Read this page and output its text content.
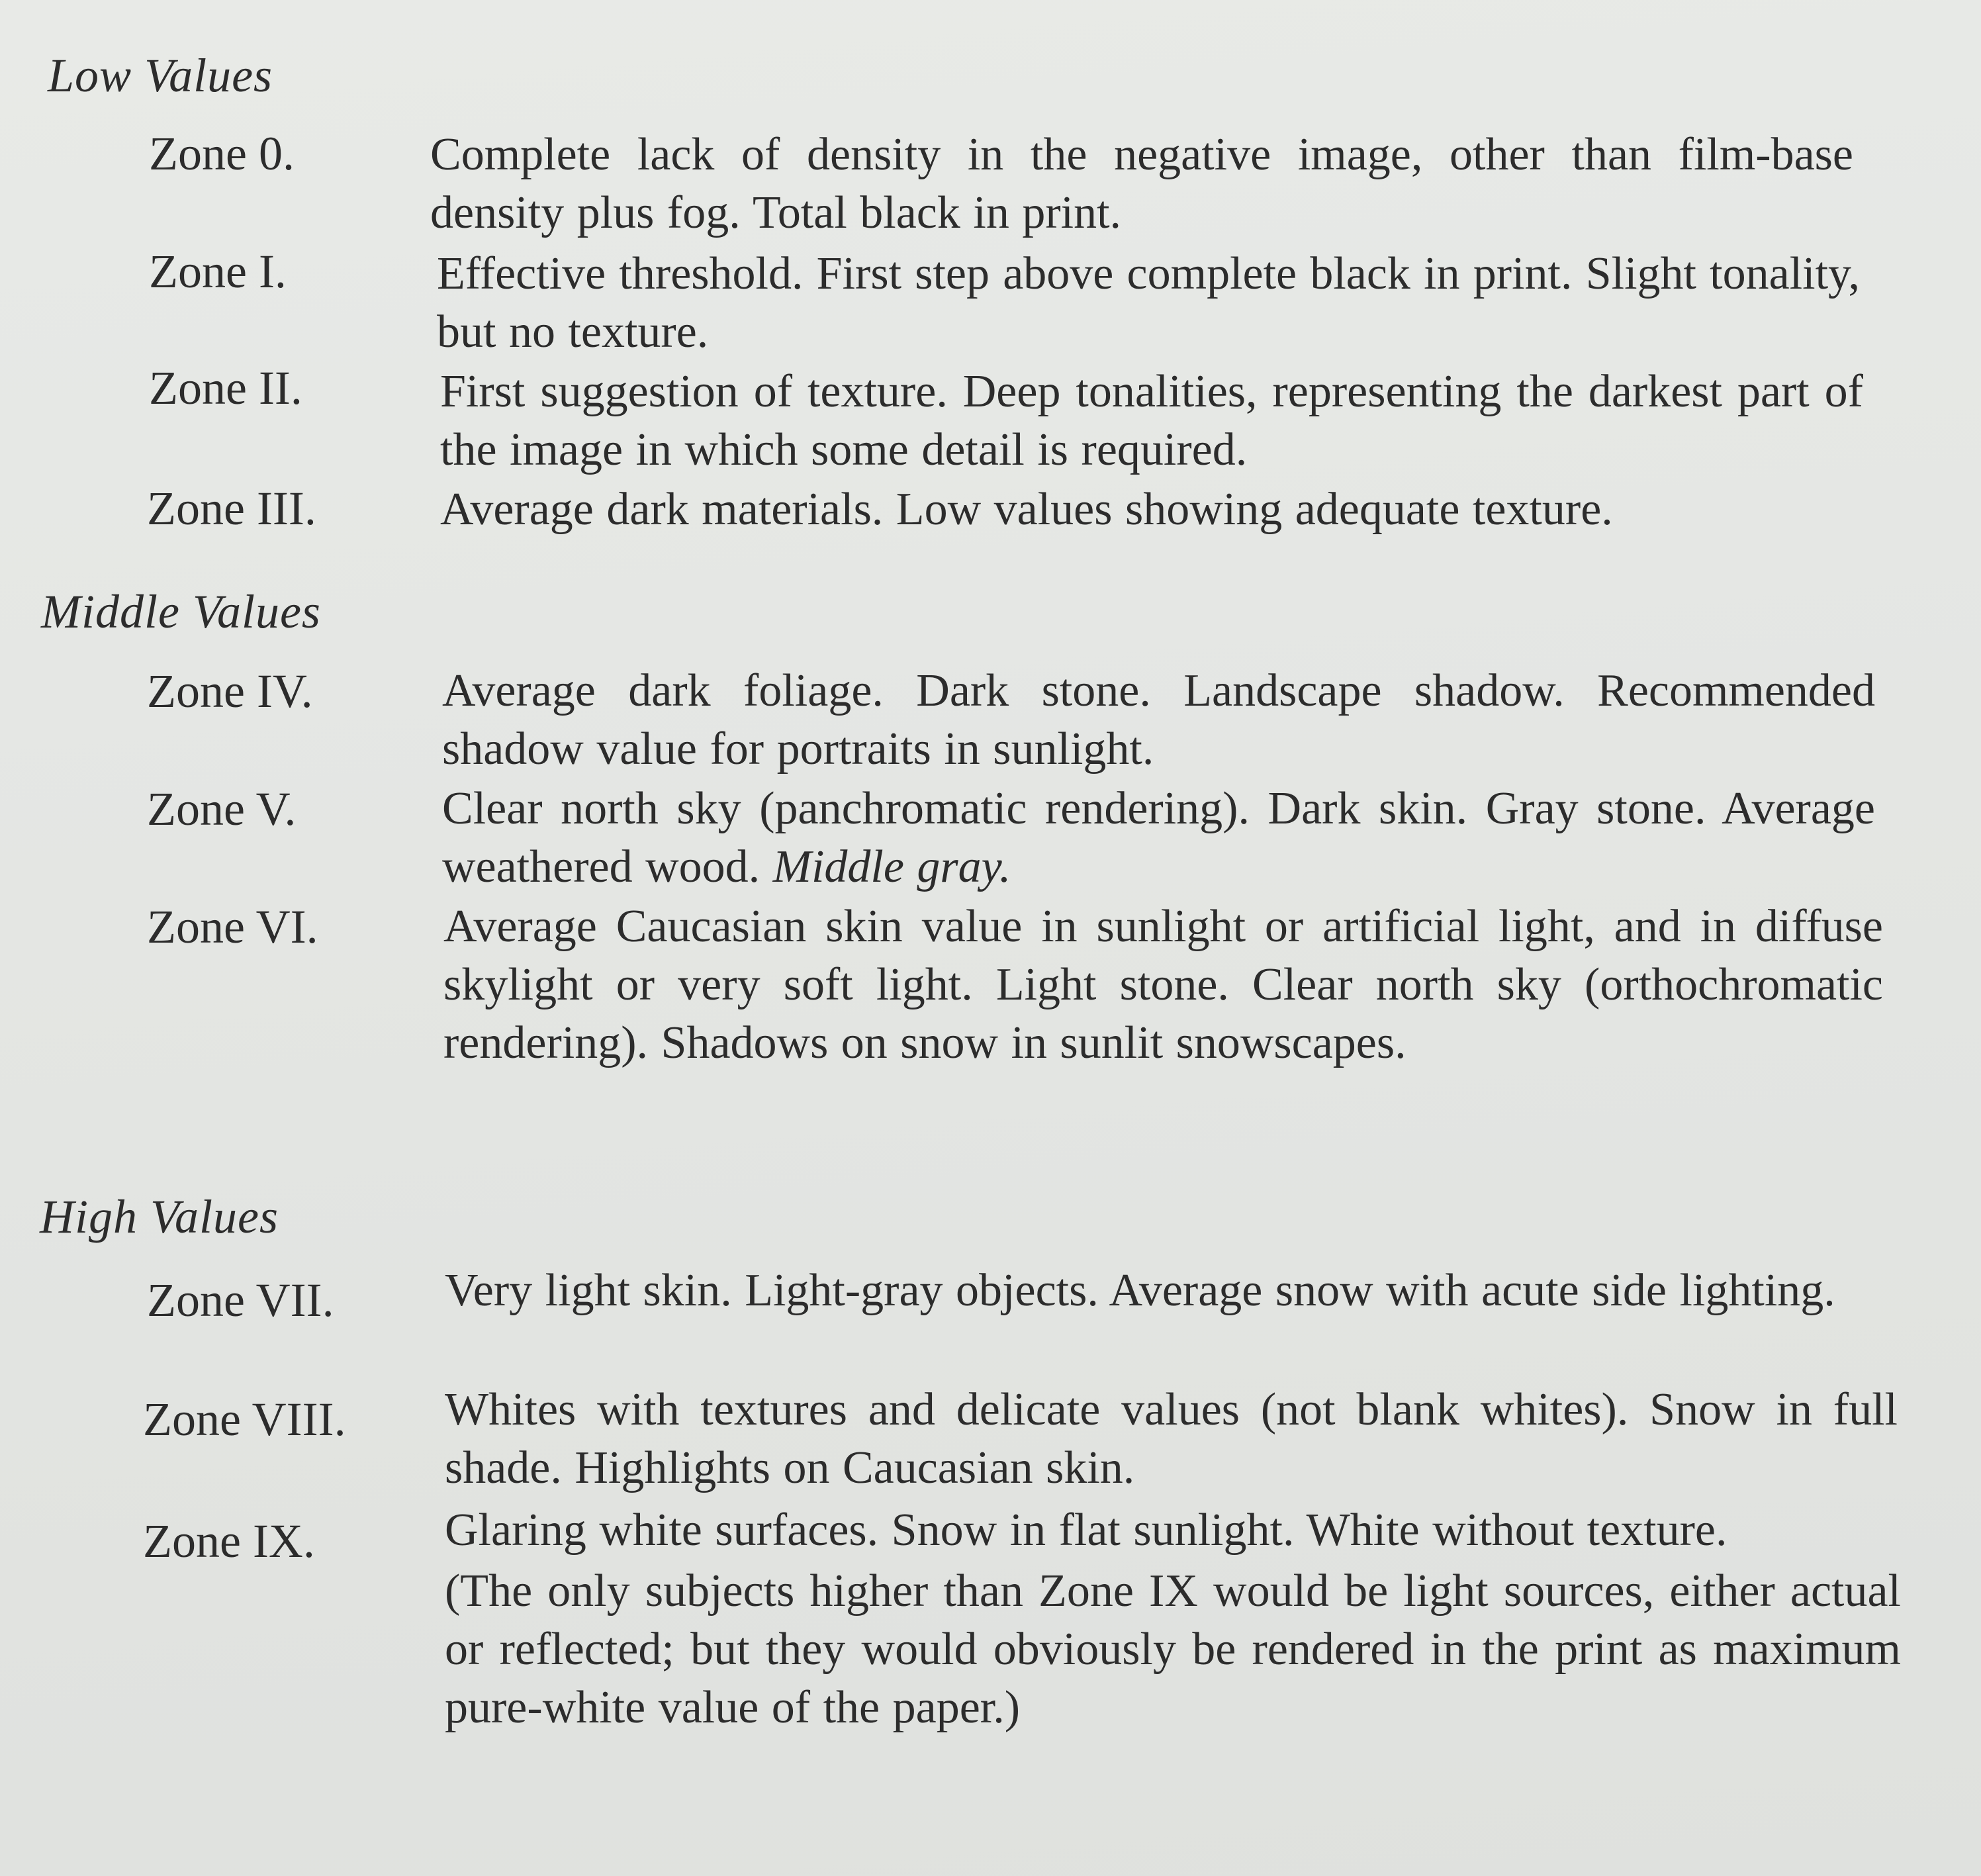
Low Values
Zone 0.	Complete lack of density in the negative image, other than film-base density plus fog. Total black in print.

Zone I.	Effective threshold. First step above complete black in print. Slight tonality, but no texture.

Zone II.	First suggestion of texture. Deep tonalities, representing the darkest part of the image in which some detail is required.

Zone III.	Average dark materials. Low values showing adequate texture.

Middle Values
Zone IV.	Average dark foliage. Dark stone. Landscape shadow. Recommended shadow value for portraits in sunlight.

Zone V.	Clear north sky (panchromatic rendering). Dark skin. Gray stone. Average weathered wood. Middle gray.

Zone VI.	Average Caucasian skin value in sunlight or artificial light, and in diffuse skylight or very soft light. Light stone. Clear north sky (orthochromatic rendering). Shadows on snow in sunlit snowscapes.

High Values
Zone VII. Very light skin. Light-gray objects. Average snow with acute side lighting.

Zone VIII. Whites with textures and delicate values (not blank whites). Snow in full shade. Highlights on Caucasian skin.

Zone IX.	Glaring white surfaces. Snow in flat sunlight. White without texture.

(The only subjects higher than Zone IX would be light sources, either actual or reflected; but they would obviously be rendered in the print as maximum pure-white value of the paper.)
